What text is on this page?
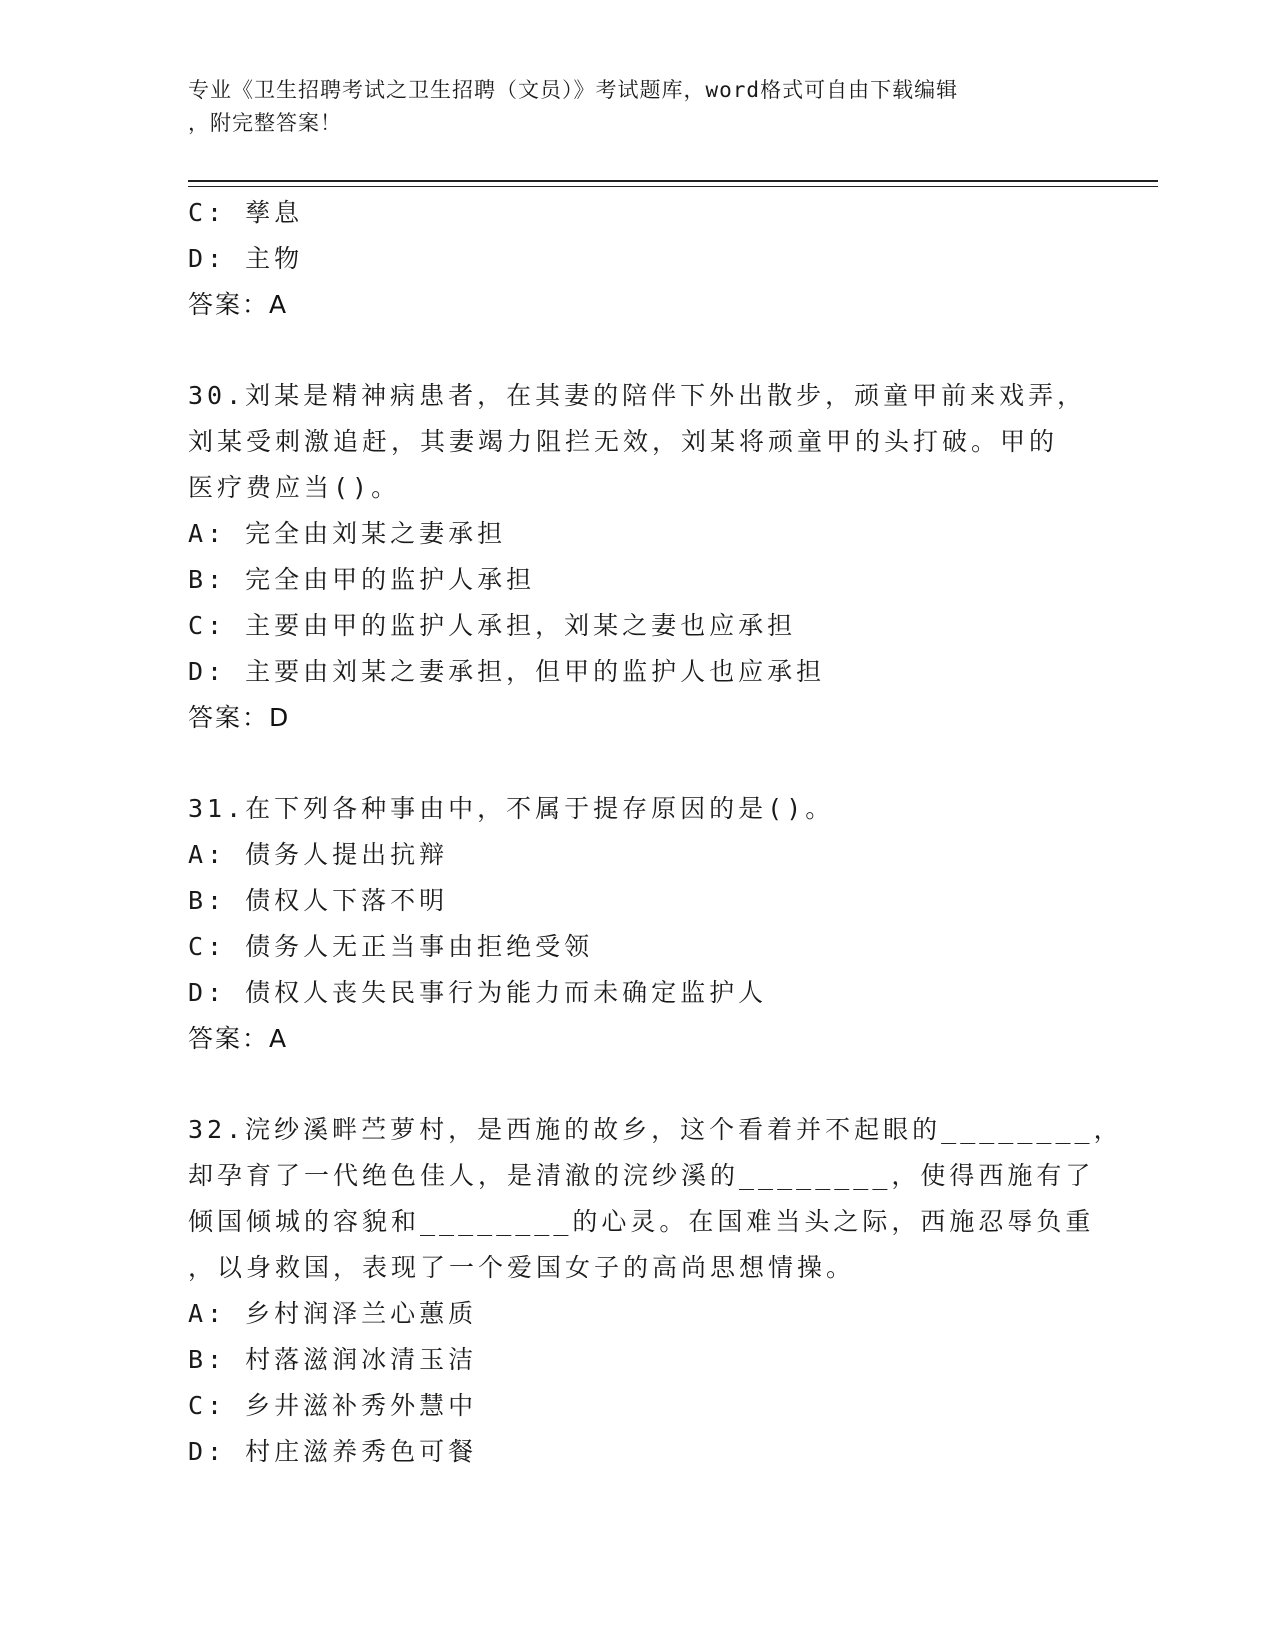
专业《卫生招聘考试之卫生招聘（文员）》考试题库，word格式可自由下载编辑
，附完整答案！
C: 孳息
D: 主物
答案：A
30.刘某是精神病患者，在其妻的陪伴下外出散步，顽童甲前来戏弄，
刘某受刺激追赶，其妻竭力阻拦无效，刘某将顽童甲的头打破。甲的
医疗费应当()。
A: 完全由刘某之妻承担
B: 完全由甲的监护人承担
C: 主要由甲的监护人承担，刘某之妻也应承担
D: 主要由刘某之妻承担，但甲的监护人也应承担
答案：D
31.在下列各种事由中，不属于提存原因的是()。
A: 债务人提出抗辩
B: 债权人下落不明
C: 债务人无正当事由拒绝受领
D: 债权人丧失民事行为能力而未确定监护人
答案：A
32.浣纱溪畔苎萝村，是西施的故乡，这个看着并不起眼的________，
却孕育了一代绝色佳人，是清澈的浣纱溪的________，使得西施有了
倾国倾城的容貌和________的心灵。在国难当头之际，西施忍辱负重
，以身救国，表现了一个爱国女子的高尚思想情操。
A: 乡村润泽兰心蕙质
B: 村落滋润冰清玉洁
C: 乡井滋补秀外慧中
D: 村庄滋养秀色可餐
